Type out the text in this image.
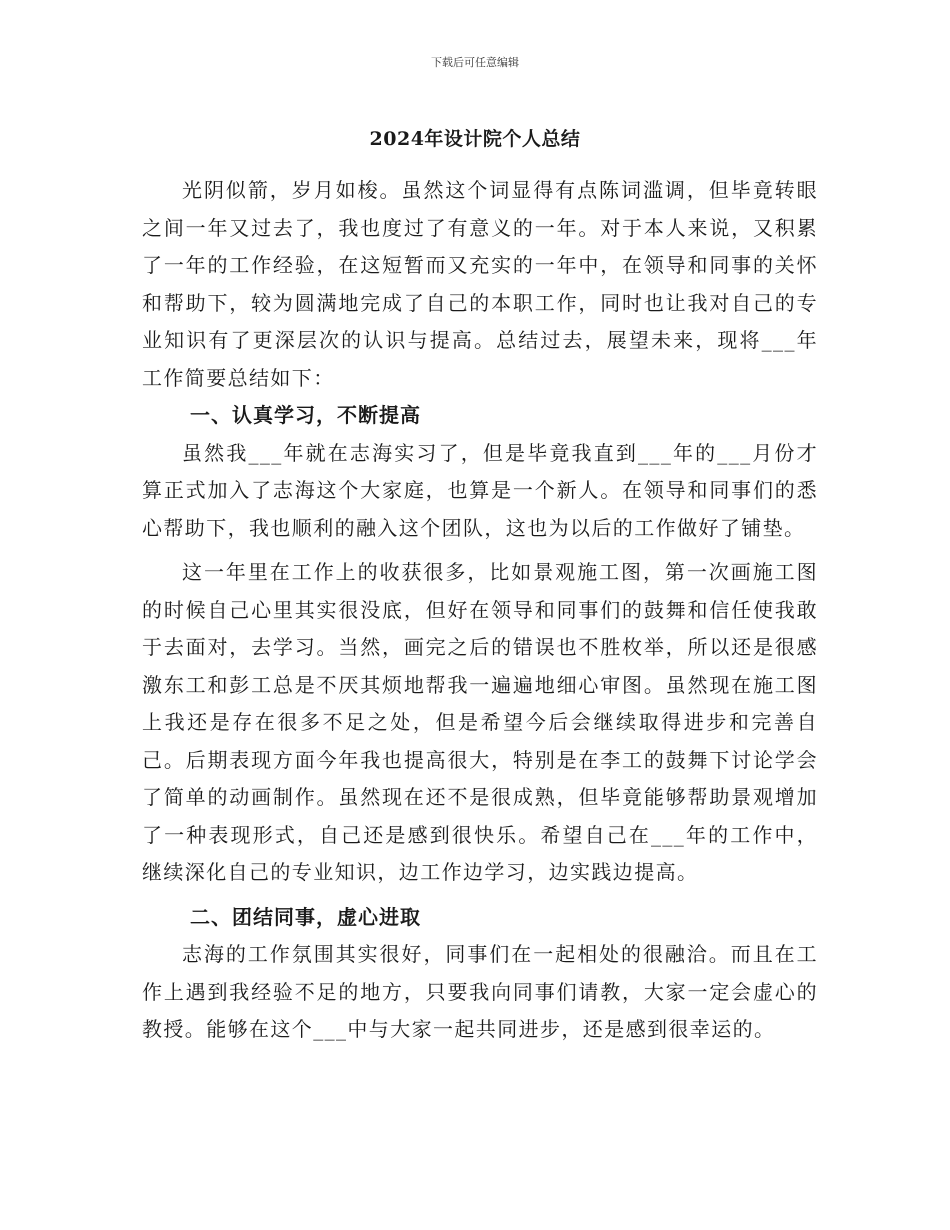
下载后可任意编辑
2024年设计院个人总结

光阴似箭，岁月如梭。虽然这个词显得有点陈词滥调，但毕竟转眼之间一年又过去了，我也度过了有意义的一年。对于本人来说，又积累了一年的工作经验，在这短暂而又充实的一年中，在领导和同事的关怀和帮助下，较为圆满地完成了自己的本职工作，同时也让我对自己的专业知识有了更深层次的认识与提高。总结过去，展望未来，现将___年工作简要总结如下：

一、认真学习，不断提高

虽然我___年就在志海实习了，但是毕竟我直到___年的___月份才算正式加入了志海这个大家庭，也算是一个新人。在领导和同事们的悉心帮助下，我也顺利的融入这个团队，这也为以后的工作做好了铺垫。

这一年里在工作上的收获很多，比如景观施工图，第一次画施工图的时候自己心里其实很没底，但好在领导和同事们的鼓舞和信任使我敢于去面对，去学习。当然，画完之后的错误也不胜枚举，所以还是很感激东工和彭工总是不厌其烦地帮我一遍遍地细心审图。虽然现在施工图上我还是存在很多不足之处，但是希望今后会继续取得进步和完善自己。后期表现方面今年我也提高很大，特别是在李工的鼓舞下讨论学会了简单的动画制作。虽然现在还不是很成熟，但毕竟能够帮助景观增加了一种表现形式，自己还是感到很快乐。希望自己在___年的工作中，继续深化自己的专业知识，边工作边学习，边实践边提高。

二、团结同事，虚心进取

志海的工作氛围其实很好，同事们在一起相处的很融洽。而且在工作上遇到我经验不足的地方，只要我向同事们请教，大家一定会虚心的教授。能够在这个___中与大家一起共同进步，还是感到很幸运的。
